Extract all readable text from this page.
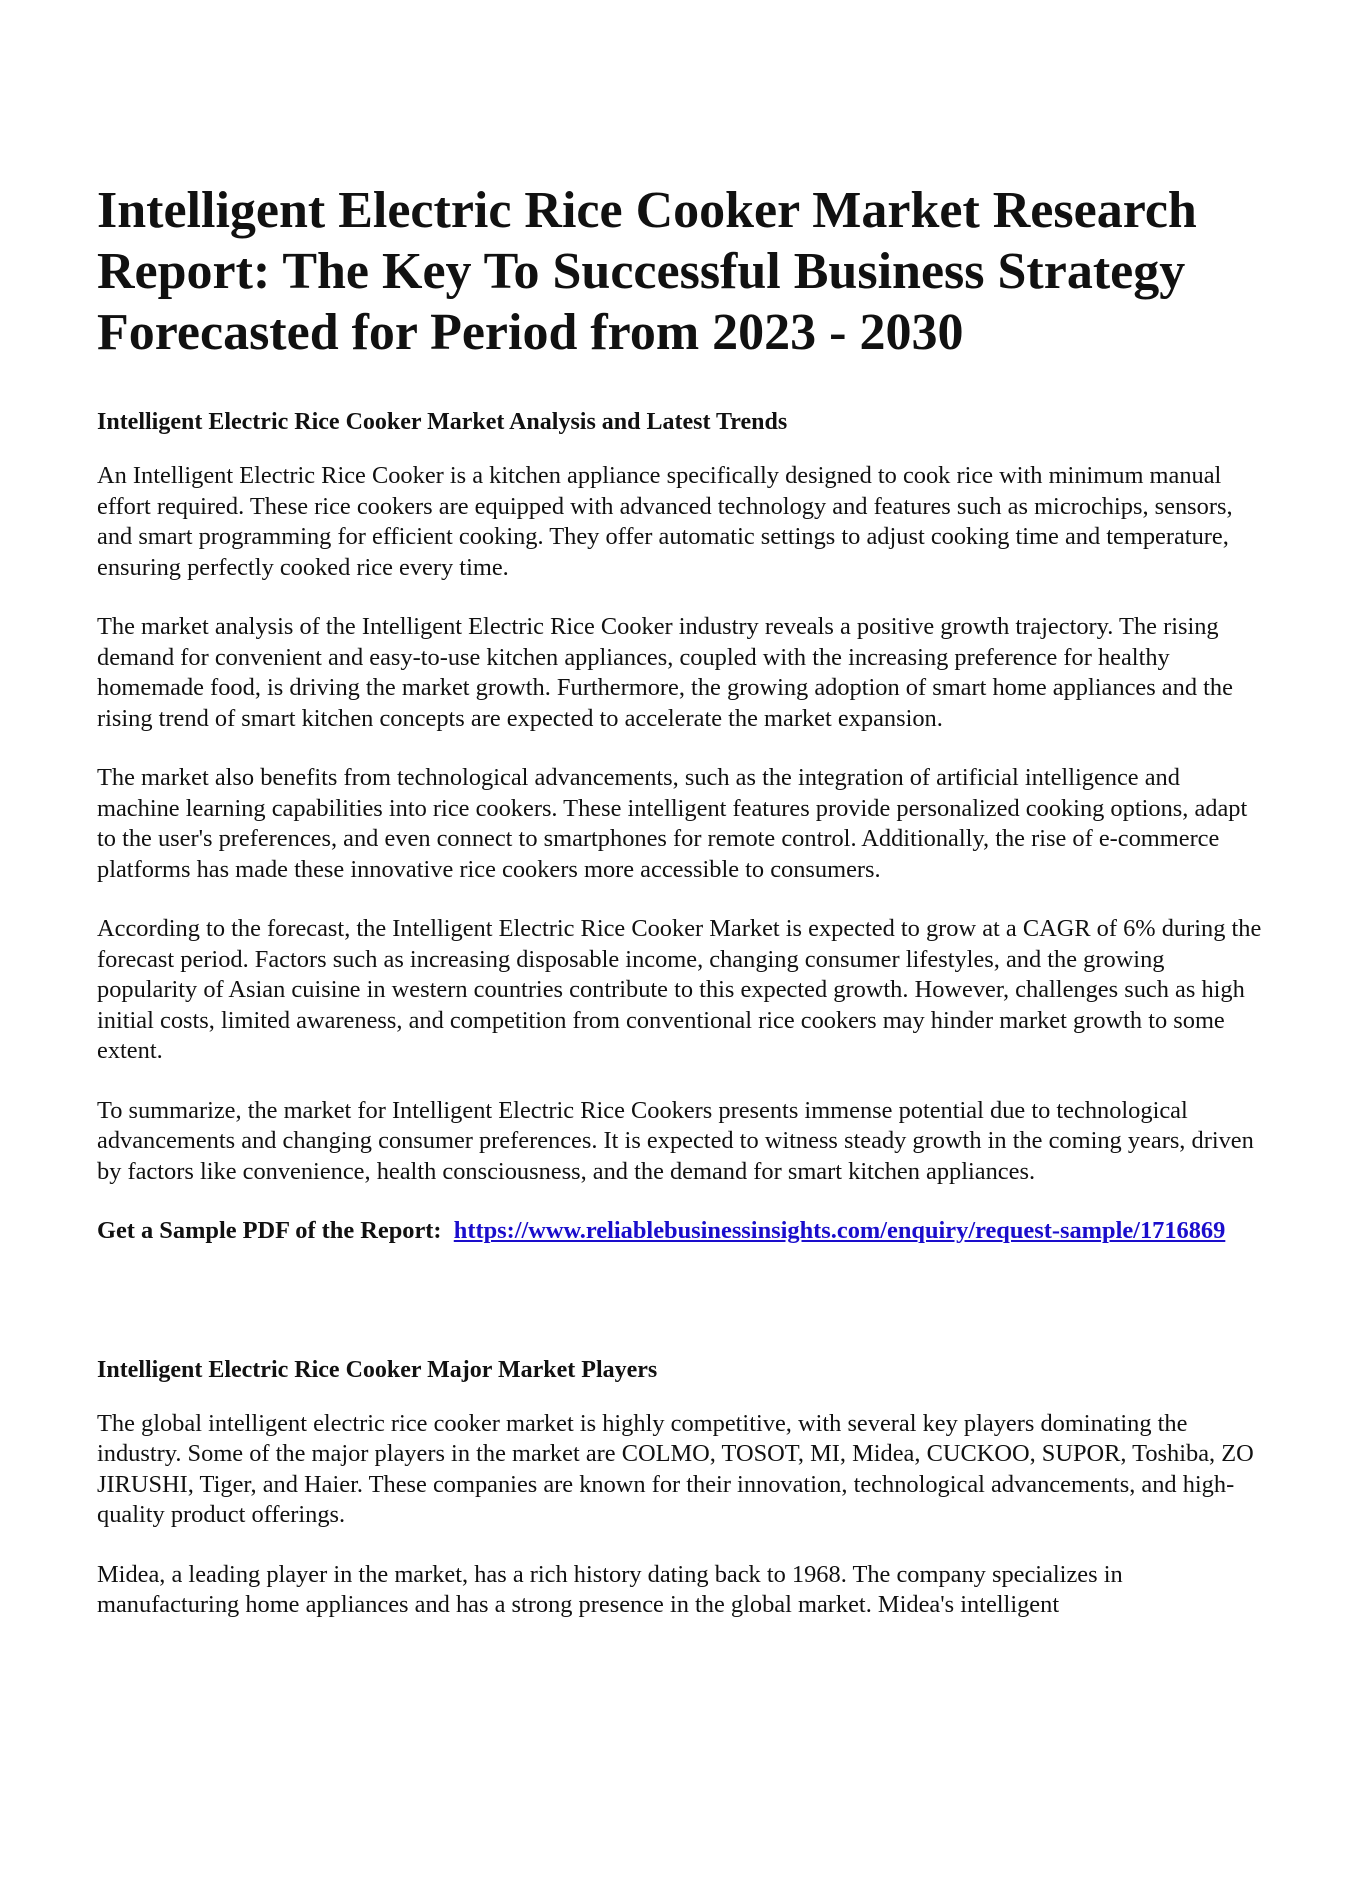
Intelligent Electric Rice Cooker Market Research Report: The Key To Successful Business Strategy Forecasted for Period from 2023 - 2030
Intelligent Electric Rice Cooker Market Analysis and Latest Trends

An Intelligent Electric Rice Cooker is a kitchen appliance specifically designed to cook rice with minimum manual effort required. These rice cookers are equipped with advanced technology and features such as microchips, sensors, and smart programming for efficient cooking. They offer automatic settings to adjust cooking time and temperature, ensuring perfectly cooked rice every time.

The market analysis of the Intelligent Electric Rice Cooker industry reveals a positive growth trajectory. The rising demand for convenient and easy-to-use kitchen appliances, coupled with the increasing preference for healthy homemade food, is driving the market growth. Furthermore, the growing adoption of smart home appliances and the rising trend of smart kitchen concepts are expected to accelerate the market expansion.

The market also benefits from technological advancements, such as the integration of artificial intelligence and machine learning capabilities into rice cookers. These intelligent features provide personalized cooking options, adapt to the user's preferences, and even connect to smartphones for remote control. Additionally, the rise of e-commerce platforms has made these innovative rice cookers more accessible to consumers.

According to the forecast, the Intelligent Electric Rice Cooker Market is expected to grow at a CAGR of 6% during the forecast period. Factors such as increasing disposable income, changing consumer lifestyles, and the growing popularity of Asian cuisine in western countries contribute to this expected growth. However, challenges such as high initial costs, limited awareness, and competition from conventional rice cookers may hinder market growth to some extent.

To summarize, the market for Intelligent Electric Rice Cookers presents immense potential due to technological advancements and changing consumer preferences. It is expected to witness steady growth in the coming years, driven by factors like convenience, health consciousness, and the demand for smart kitchen appliances.

Get a Sample PDF of the Report: https://www.reliablebusinessinsights.com/enquiry/request-sample/1716869

Intelligent Electric Rice Cooker Major Market Players

The global intelligent electric rice cooker market is highly competitive, with several key players dominating the industry. Some of the major players in the market are COLMO, TOSOT, MI, Midea, CUCKOO, SUPOR, Toshiba, ZO JIRUSHI, Tiger, and Haier. These companies are known for their innovation, technological advancements, and high-quality product offerings.

Midea, a leading player in the market, has a rich history dating back to 1968. The company specializes in manufacturing home appliances and has a strong presence in the global market. Midea's intelligent
